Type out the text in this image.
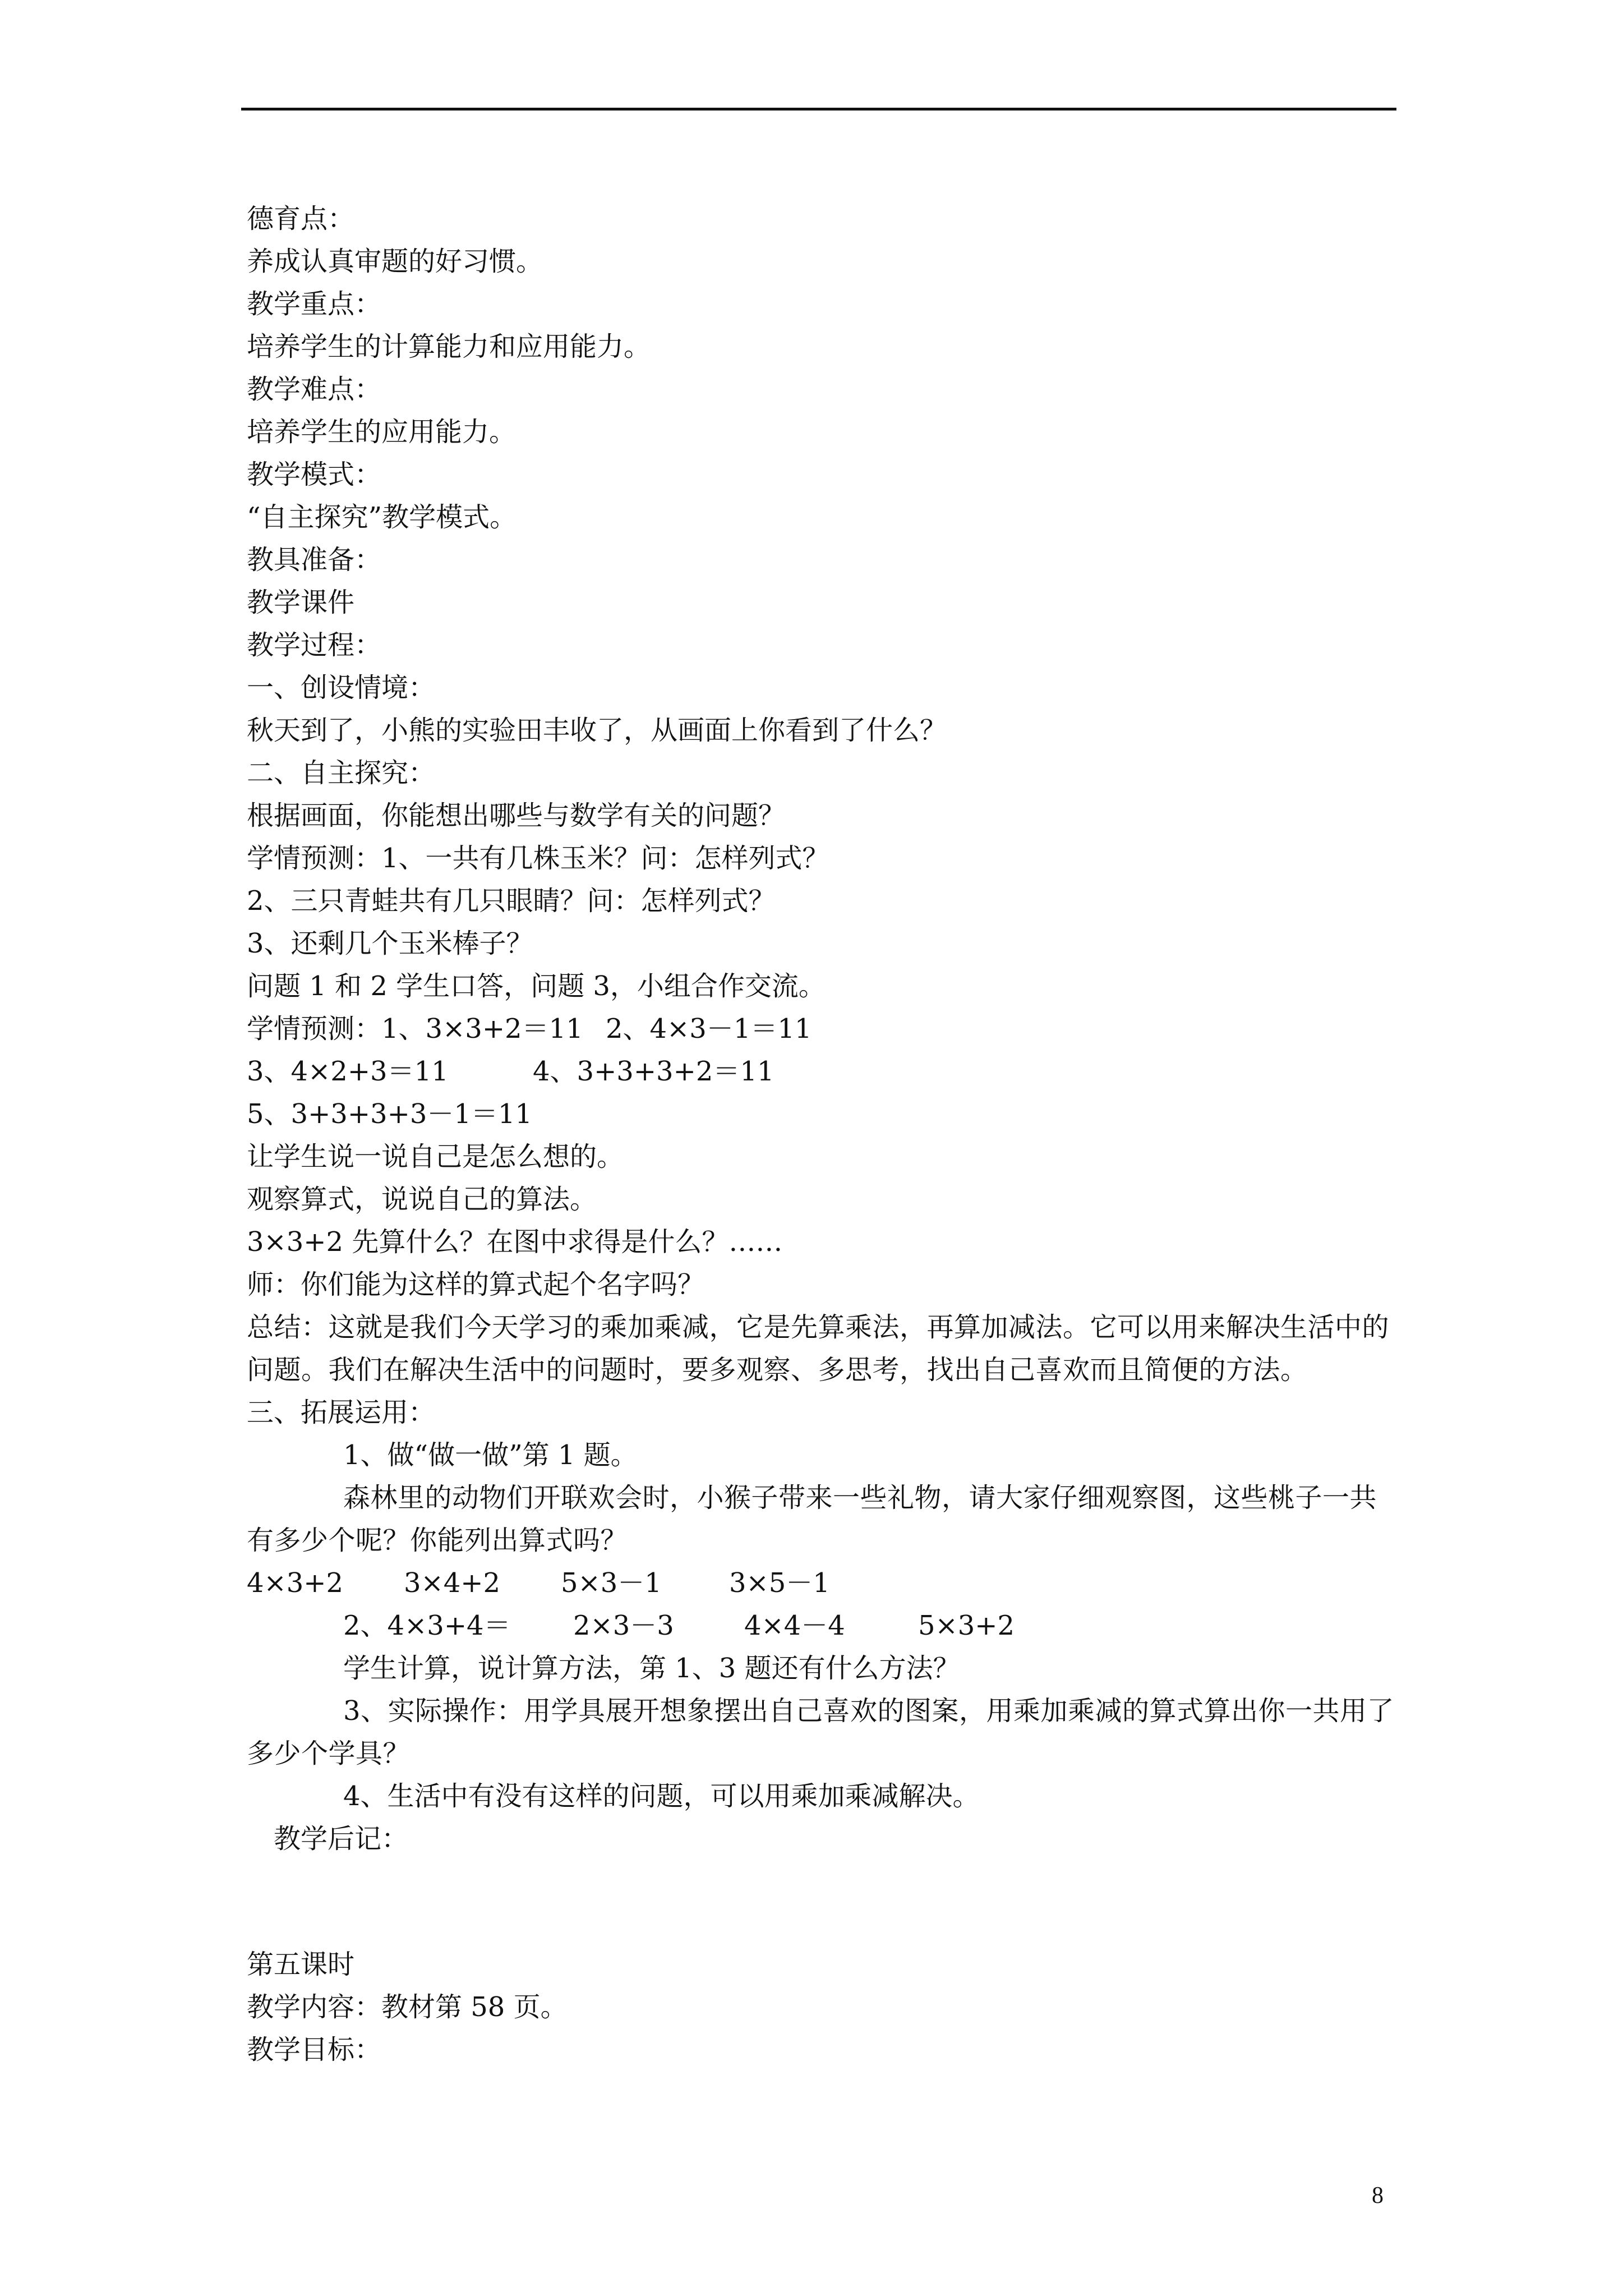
德育点：
养成认真审题的好习惯。
教学重点：
培养学生的计算能力和应用能力。
教学难点：
培养学生的应用能力。
教学模式：
“自主探究”教学模式。
教具准备：
教学课件
教学过程：
一、创设情境：
秋天到了，小熊的实验田丰收了，从画面上你看到了什么？
二、自主探究：
根据画面，你能想出哪些与数学有关的问题？
学情预测：1、一共有几株玉米？问：怎样列式？
2、三只青蛙共有几只眼睛？问：怎样列式？
3、还剩几个玉米棒子？
问题 1 和 2 学生口答，问题 3，小组合作交流。
学情预测：1、3×3+2＝11 2、4×3－1＝11
3、4×2+3＝11	4、3+3+3+2＝11
5、3+3+3+3－1＝11
让学生说一说自己是怎么想的。
观察算式，说说自己的算法。
3×3+2 先算什么？在图中求得是什么？……
师：你们能为这样的算式起个名字吗？
总结：这就是我们今天学习的乘加乘减，它是先算乘法，再算加减法。它可以用来解决生活中的问题。我们在解决生活中的问题时，要多观察、多思考，找出自己喜欢而且简便的方法。
三、拓展运用：
1、做“做一做”第 1 题。
森林里的动物们开联欢会时，小猴子带来一些礼物，请大家仔细观察图，这些桃子一共有多少个呢？你能列出算式吗？
4×3+2	3×4+2	5×3－1	3×5－1
2、4×3+4＝	2×3－3	4×4－4	5×3+2
学生计算，说计算方法，第 1、3 题还有什么方法？
3、实际操作：用学具展开想象摆出自己喜欢的图案，用乘加乘减的算式算出你一共用了多少个学具？
4、生活中有没有这样的问题，可以用乘加乘减解决。
教学后记：
第五课时
教学内容：教材第 58 页。
教学目标：
8
